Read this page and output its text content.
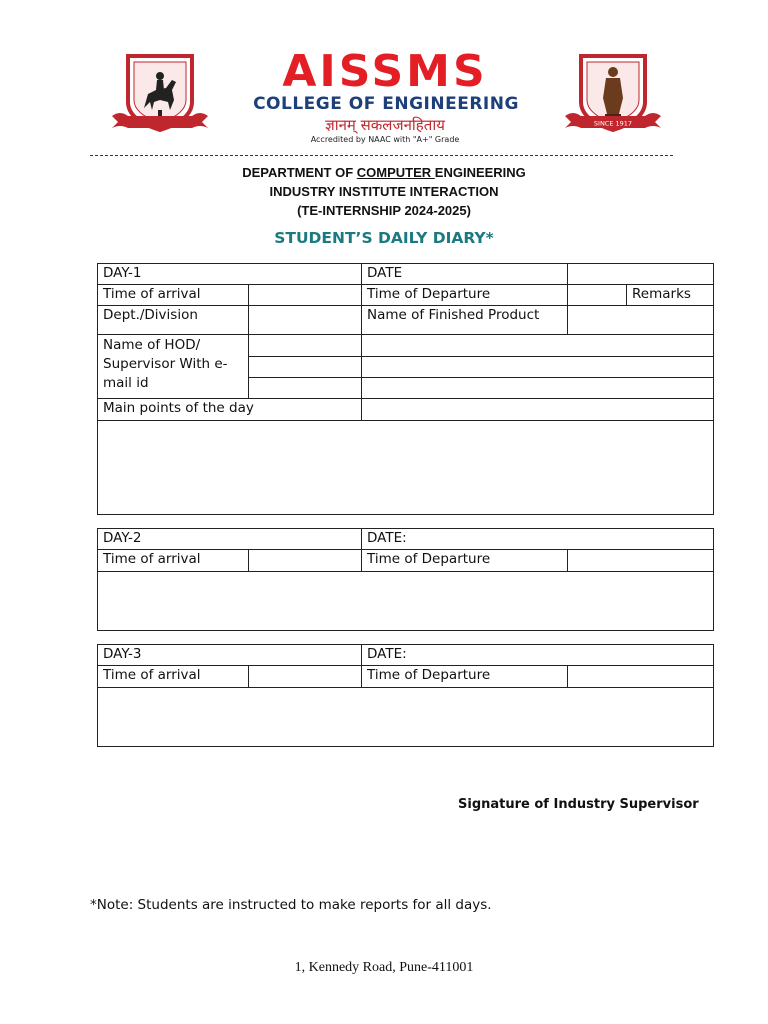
AISSMS
COLLEGE OF ENGINEERING
ज्ञानम् सकलजनहिताय
Accredited by NAAC with "A+" Grade
SINCE 1917
DEPARTMENT OF COMPUTER ENGINEERING
INDUSTRY INSTITUTE INTERACTION
(TE-INTERNSHIP 2024-2025)
STUDENT’S DAILY DIARY*
DAY-1		DATE		
Time of arrival		Time of Departure		Remarks
Dept./Division		Name of Finished Product		
Name of HOD/ Supervisor With e-mail id				

Main points of the day				

DAY-2		DATE:	
Time of arrival		Time of Departure	

DAY-3		DATE:	
Time of arrival		Time of Departure	

Signature of Industry Supervisor
*Note: Students are instructed to make reports for all days.
1, Kennedy Road, Pune-411001
